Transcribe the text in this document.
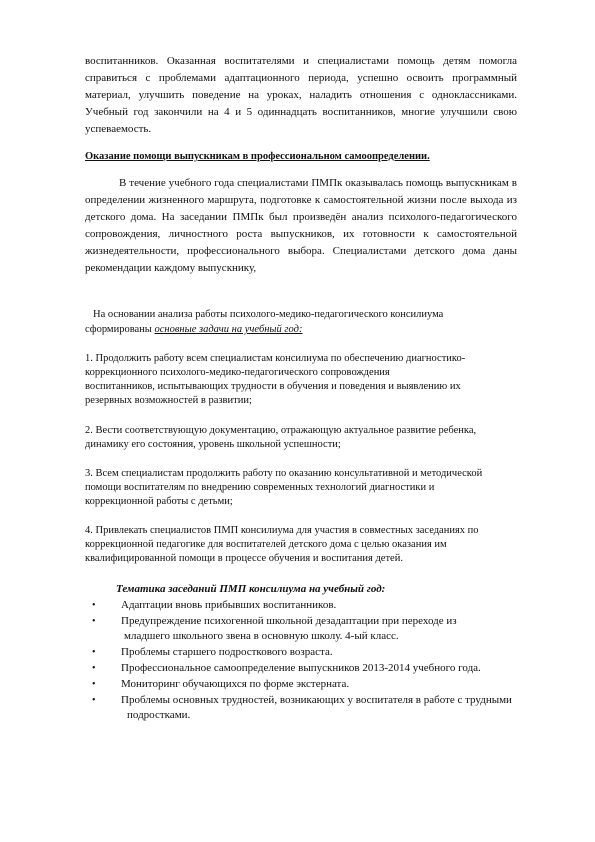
воспитанников. Оказанная воспитателями и специалистами помощь детям помогла
справиться с проблемами адаптационного периода, успешно освоить программный
материал, улучшить поведение на уроках, наладить отношения с одноклассниками.
Учебный год закончили на 4 и 5 одиннадцать воспитанников, многие улучшили свою
успеваемость.
Оказание помощи выпускникам в профессиональном самоопределении.
В течение учебного года специалистами ПМПк оказывалась помощь выпускникам в
определении жизненного маршрута, подготовке к самостоятельной жизни после выхода из
детского дома. На заседании ПМПк был произведён анализ психолого-педагогического
сопровождения, личностного роста выпускников, их готовности к самостоятельной
жизнедеятельности, профессионального выбора. Специалистами детского дома даны
рекомендации каждому выпускнику,
На основании анализа работы психолого-медико-педагогического консилиума
сформированы основные задачи на учебный год:
1. Продолжить работу всем специалистам консилиума по обеспечению диагностико-
коррекционного психолого-медико-педагогического сопровождения
воспитанников, испытывающих трудности в обучения и поведения и выявлению их
резервных возможностей в развитии;
2. Вести соответствующую документацию, отражающую актуальное развитие ребенка,
динамику его состояния, уровень школьной успешности;
3. Всем специалистам продолжить работу по оказанию консультативной и методической
помощи воспитателям по внедрению современных технологий диагностики и
коррекционной работы с детьми;
4. Привлекать специалистов ПМП консилиума для участия в совместных заседаниях по
коррекционной педагогике для воспитателей детского дома с целью оказания им
квалифицированной помощи в процессе обучения и воспитания детей.
Тематика заседаний ПМП консилиума на учебный год:
• Адаптации вновь прибывших воспитанников.
• Предупреждение психогенной школьной дезадаптации при переходе из
младшего школьного звена в основную школу. 4-ый класс.
• Проблемы старшего подросткового возраста.
• Профессиональное самоопределение выпускников 2013-2014 учебного года.
• Мониторинг обучающихся по форме экстерната.
• Проблемы основных трудностей, возникающих у воспитателя в работе с трудными
подростками.
